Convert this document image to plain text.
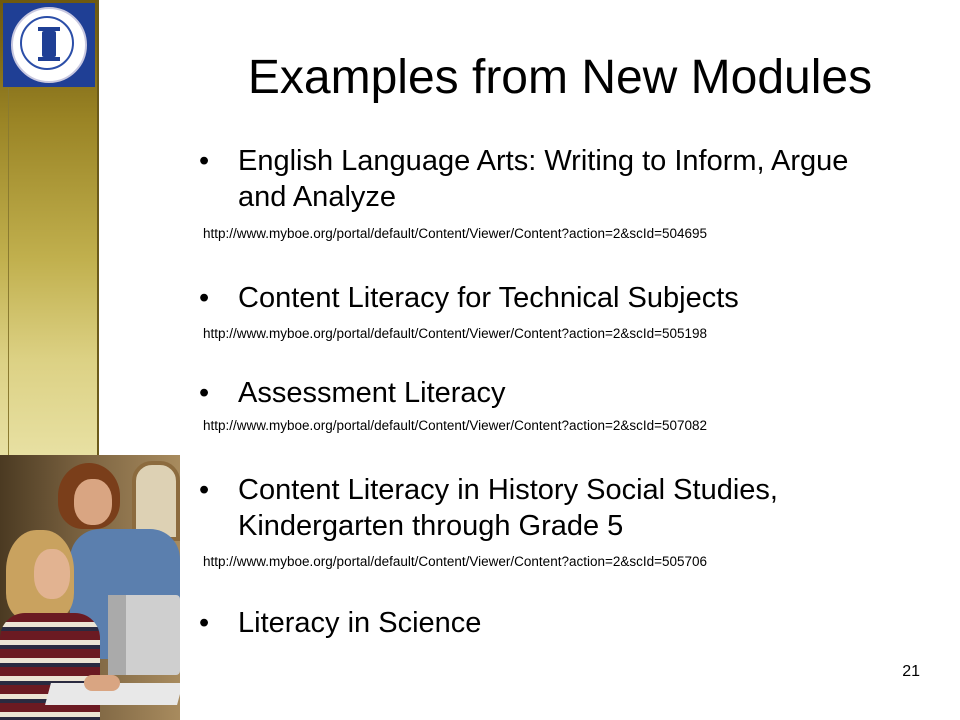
Examples from New Modules
• English Language Arts: Writing to Inform, Argue and Analyze
http://www.myboe.org/portal/default/Content/Viewer/Content?action=2&scId=504695
• Content Literacy for Technical Subjects
http://www.myboe.org/portal/default/Content/Viewer/Content?action=2&scId=505198
• Assessment Literacy
http://www.myboe.org/portal/default/Content/Viewer/Content?action=2&scId=507082
• Content Literacy in History Social Studies, Kindergarten through Grade 5
http://www.myboe.org/portal/default/Content/Viewer/Content?action=2&scId=505706
• Literacy in Science
21
